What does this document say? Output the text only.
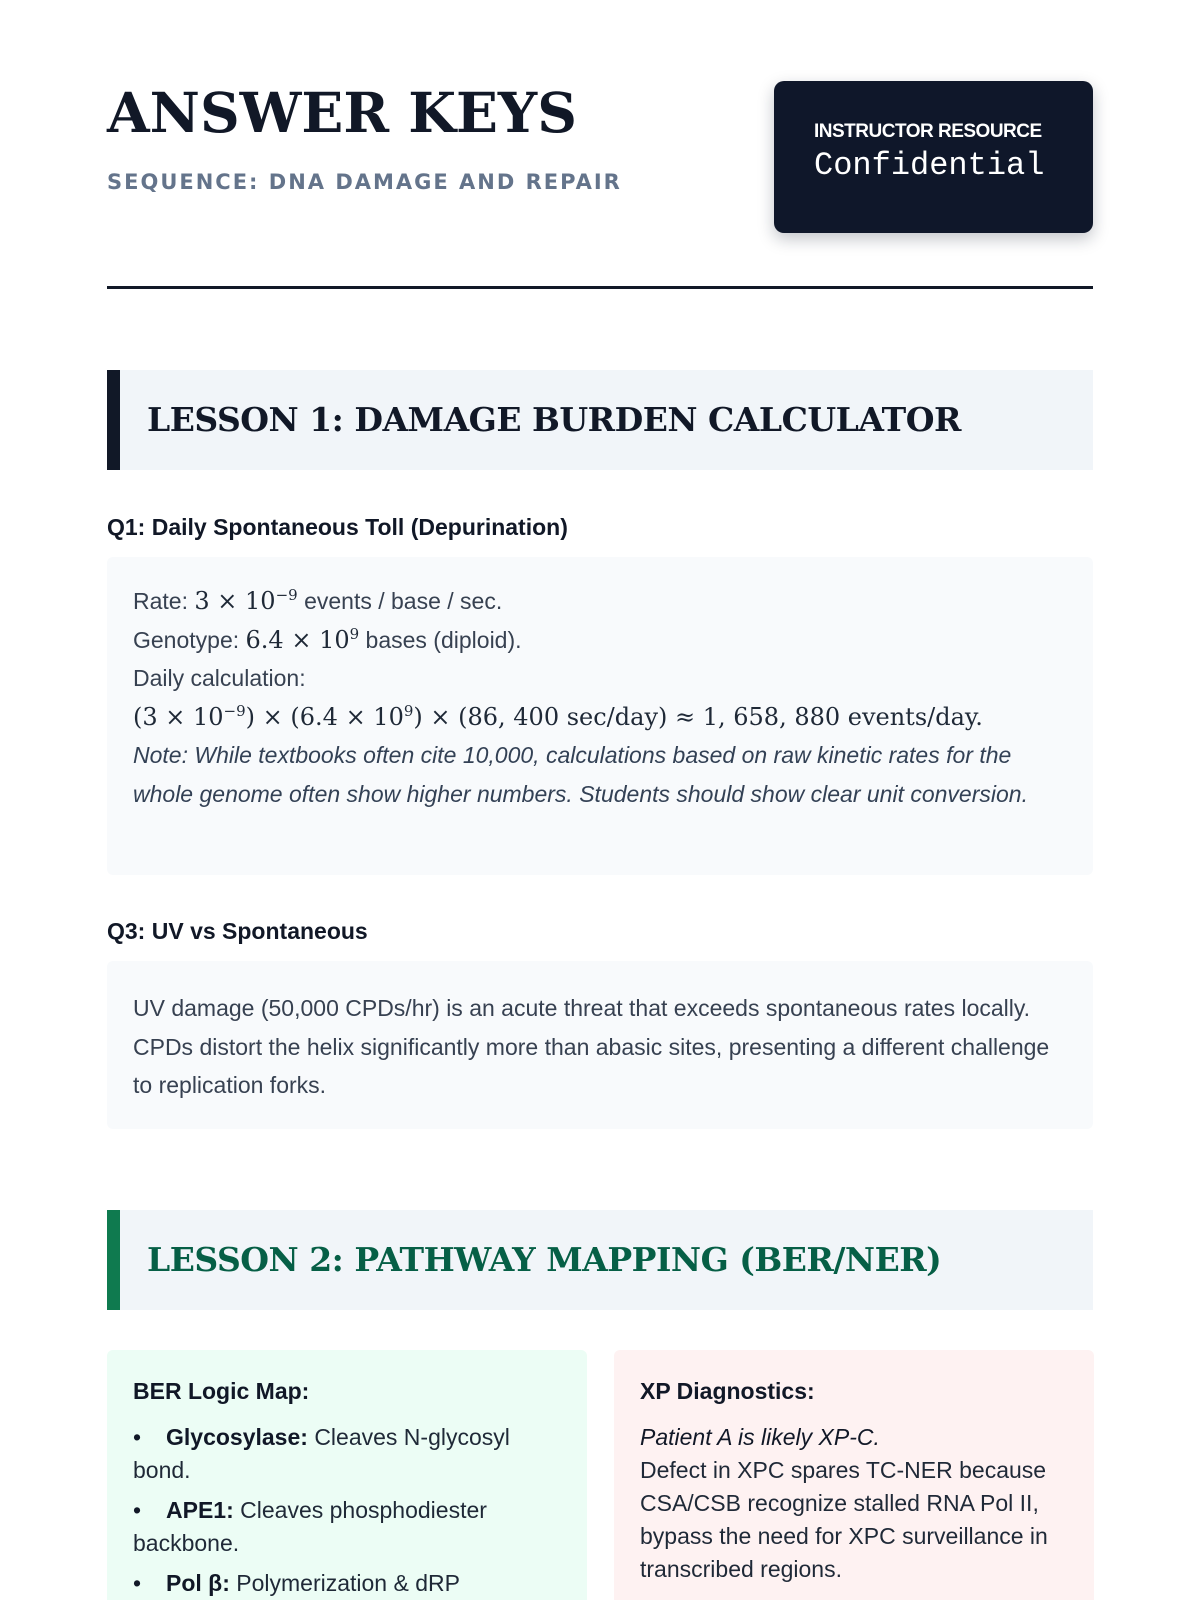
ANSWER KEYS
SEQUENCE: DNA DAMAGE AND REPAIR
INSTRUCTOR RESOURCE
Confidential
LESSON 1: DAMAGE BURDEN CALCULATOR
Q1: Daily Spontaneous Toll (Depurination)
Rate: $3 \times 10^{-9}$ events / base / sec.
Genotype: $6.4 \times 10^9$ bases (diploid).
Daily calculation:
$(3 \times 10^{-9}) \times (6.4 \times 10^9) \times (86$, 400 sec/day) ≈ 1, 658, 880 events/day.
Note: While textbooks often cite 10,000, calculations based on raw kinetic rates for the whole genome often show higher numbers. Students should show clear unit conversion.
Q3: UV vs Spontaneous
UV damage (50,000 CPDs/hr) is an acute threat that exceeds spontaneous rates locally. CPDs distort the helix significantly more than abasic sites, presenting a different challenge to replication forks.
LESSON 2: PATHWAY MAPPING (BER/NER)
BER Logic Map:
• Glycosylase: Cleaves N-glycosyl bond.
• APE1: Cleaves phosphodiester backbone.
• Pol β: Polymerization & dRP
XP Diagnostics:
Patient A is likely XP-C.
Defect in XPC spares TC-NER because CSA/CSB recognize stalled RNA Pol II, bypass the need for XPC surveillance in transcribed regions.
